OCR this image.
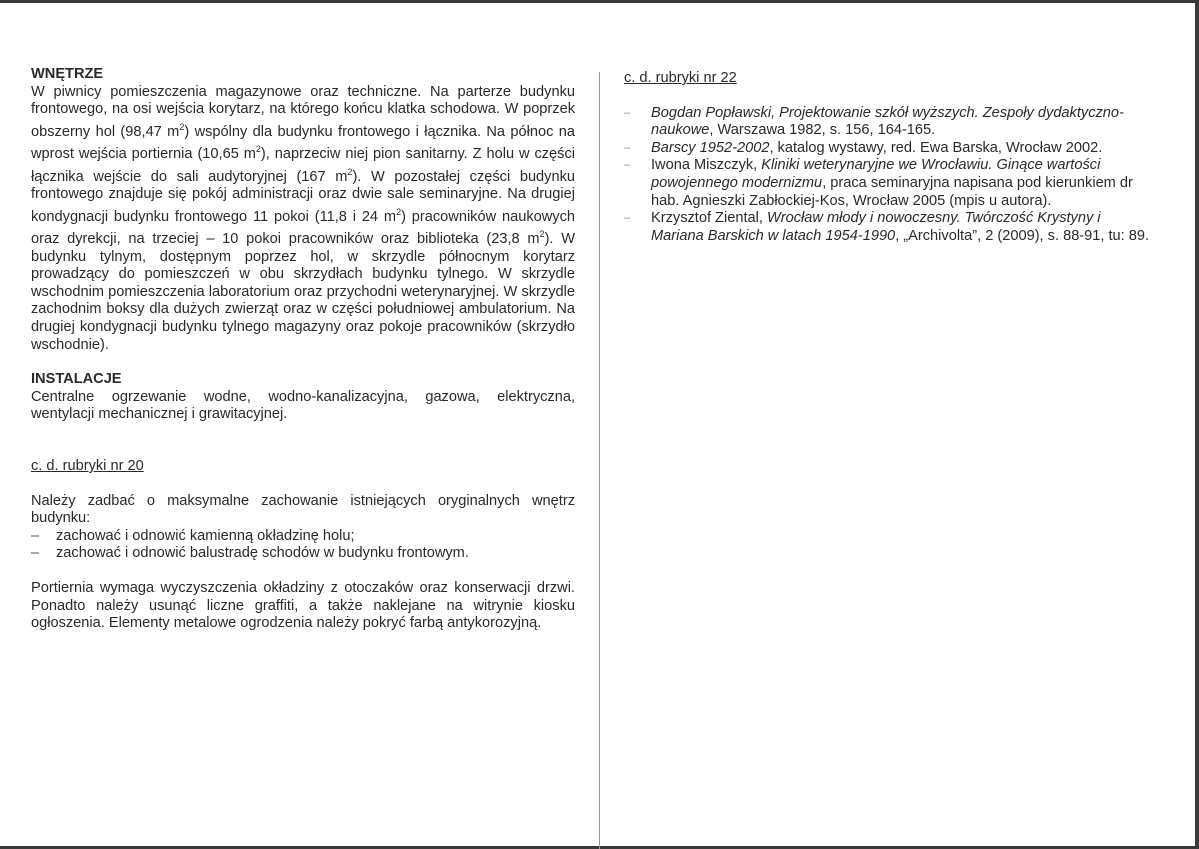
WNĘTRZE

W piwnicy pomieszczenia magazynowe oraz techniczne. Na parterze budynku frontowego, na osi wejścia korytarz, na którego końcu klatka schodowa. W poprzek obszerny hol (98,47 $m^2$) wspólny dla budynku frontowego i łącznika. Na północ na wprost wejścia portiernia (10,65 $m^2$), naprzeciw niej pion sanitarny. Z holu w części łącznika wejście do sali audytoryjnej (167 $m^2$). W pozostałej części budynku frontowego znajduje się pokój administracji oraz dwie sale seminaryjne. Na drugiej kondygnacji budynku frontowego 11 pokoi (11,8 i 24 $m^2$) pracowników naukowych oraz dyrekcji, na trzeciej – 10 pokoi pracowników oraz biblioteka (23,8 $m^2$). W budynku tylnym, dostępnym poprzez hol, w skrzydle północnym korytarz prowadzący do pomieszczeń w obu skrzydłach budynku tylnego. W skrzydle wschodnim pomieszczenia laboratorium oraz przychodni weterynaryjnej. W skrzydle zachodnim boksy dla dużych zwierząt oraz w części południowej ambulatorium. Na drugiej kondygnacji budynku tylnego magazyny oraz pokoje pracowników (skrzydło wschodnie).

INSTALACJE

Centralne ogrzewanie wodne, wodno-kanalizacyjna, gazowa, elektryczna, wentylacji mechanicznej i grawitacyjnej.

c. d. rubryki nr 20

Należy zadbać o maksymalne zachowanie istniejących oryginalnych wnętrz budynku:

– zachować i odnowić kamienną okładzinę holu;
– zachować i odnowić balustradę schodów w budynku frontowym.

Portiernia wymaga wyczyszczenia okładziny z otoczaków oraz konserwacji drzwi. Ponadto należy usunąć liczne graffiti, a także naklejane na witrynie kiosku ogłoszenia. Elementy metalowe ogrodzenia należy pokryć farbą antykorozyjną.

c. d. rubryki nr 22

– Bogdan Popławski, Projektowanie szkół wyższych. Zespoły dydaktyczno-naukowe, Warszawa 1982, s. 156, 164-165.
– Barscy 1952-2002, katalog wystawy, red. Ewa Barska, Wrocław 2002.
– Iwona Miszczyk, Kliniki weterynaryjne we Wrocławiu. Ginące wartości powojennego modernizmu, praca seminaryjna napisana pod kierunkiem dr hab. Agnieszki Zabłockiej-Kos, Wrocław 2005 (mpis u autora).
– Krzysztof Ziental, Wrocław młody i nowoczesny. Twórczość Krystyny i Mariana Barskich w latach 1954-1990, „Archivolta”, 2 (2009), s. 88-91, tu: 89.
